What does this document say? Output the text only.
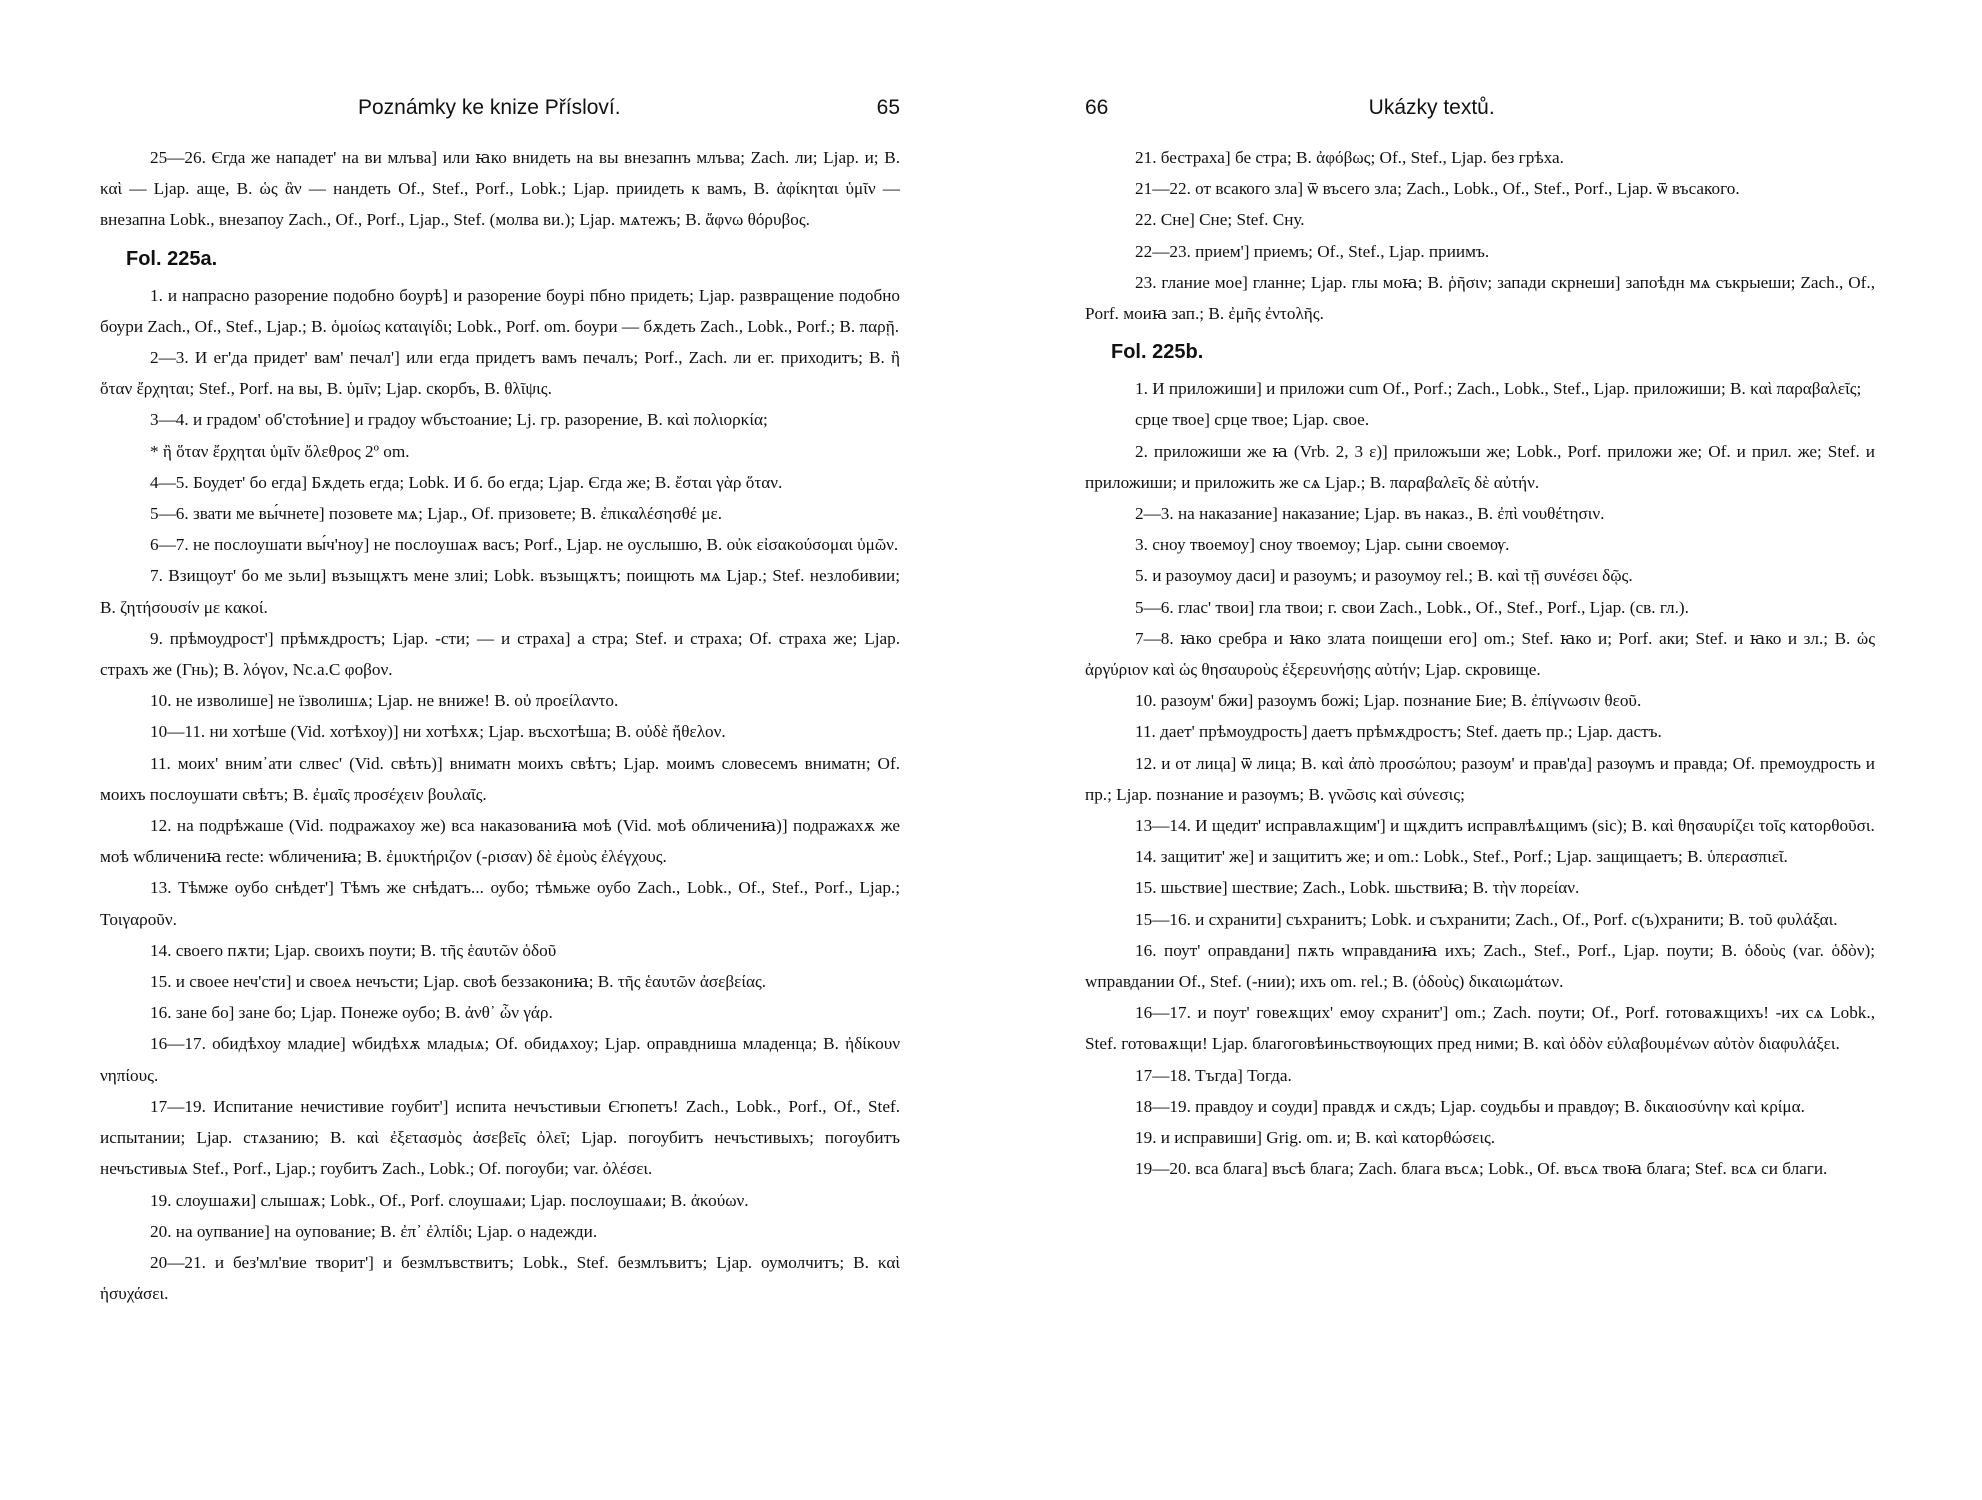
Poznámky ke knize Přísloví.	65

25—26. Єгда же нападет' на ви млъва] или ꙗко внидеть на вы внезапнъ млъва; Zach. ли; Ljap. и; B. καὶ — Ljap. аще, B. ὡς ἂν — нандеть Of., Stef., Porf., Lobk.; Ljap. приидеть к вамъ, B. ἀφίκηται ὑμῖν — внезапна Lobk., внезапоу Zach., Of., Porf., Ljap., Stef. (молва ви.); Ljap. мѧтежъ; B. ἄφνω θόρυβος.

Fol. 225a.

1. и напрасно разорение подобно боурѣ] и разорение боурі пбно придеть; Ljap. развращение подобно боури Zach., Of., Stef., Ljap.; B. ὁμοίως καταιγίδι; Lobk., Porf. om. боури — бѫдеть Zach., Lobk., Porf.; B. παρῇ.

2—3. И ег'да придет' вам' печал'] или егда придетъ вамъ печалъ; Porf., Zach. ли ег. приходитъ; B. ἢ ὅταν ἔρχηται; Stef., Porf. на вы, B. ὑμῖν; Ljap. скорбъ, B. θλῖψις.

3—4. и градом' об'стоѣние] и градоу wбъстоание; Lj. гр. разорение, B. καὶ πολιορκία;

* ἢ ὅταν ἔρχηται ὑμῖν ὄλεθρος 2º om.

4—5. Боудет' бо егда] Бѫдеть егда; Lobk. И б. бо егда; Ljap. Єгда же; B. ἔσται γὰρ ὅταν.

5—6. звати ме вы́чнете] позовете мѧ; Ljap., Of. призовете; B. ἐπικαλέσησθέ με.

6—7. не послоушати вы́ч'ноу] не послоушаѫ васъ; Porf., Ljap. не оуслышю, B. οὐκ εἰσακούσομαι ὑμῶν.

7. Взищоут' бо ме зьли] възыщѫтъ мене злиі; Lobk. възыщѫтъ; поищють мѧ Ljap.; Stef. незлобивии; B. ζητήσουσίν με κακοί.

9. прѣмоудрост'] прѣмѫдростъ; Ljap. -сти; — и страха] а стра; Stef. и страха; Of. страха же; Ljap. страхъ же (Гнь); B. λόγον, Nc.a.C φοβον.

10. не изволише] не їзволишѧ; Ljap. не вниже! B. οὐ προείλαντο.

10—11. ни хотѣше (Vid. хотѣхоу)] ни хотѣхѫ; Ljap. въсхотѣша; B. οὐδὲ ἤθελον.

11. моих' вним᾽ати слвес' (Vid. свѣть)] вниматн моихъ свѣтъ; Ljap. моимъ словесемъ вниматн; Of. моихъ послоушати свѣтъ; B. ἐμαῖς προσέχειν βουλαῖς.

12. на подрѣжаше (Vid. подражахоу же) вса наказованиꙗ моѣ (Vid. моѣ обличениꙗ)] подражахѫ же моѣ wбличениꙗ recte: wбличениꙗ; B. ἐμυκτήριζον (-ρισαν) δὲ ἐμοὺς ἐλέγχους.

13. Тѣмже оубо снѣдет'] Тѣмъ же снѣдатъ... оубо; тѣмьже оубо Zach., Lobk., Of., Stef., Porf., Ljap.; Τοιγαροῦν.

14. своего пѫти; Ljap. своихъ поути; B. τῆς ἑαυτῶν ὁδοῦ

15. и своее неч'сти] и своеѧ нечъсти; Ljap. своѣ беззакониꙗ; B. τῆς ἑαυτῶν ἀσεβείας.

16. зане бо] зане бо; Ljap. Понеже оубо; B. ἀνθ᾽ ὧν γάρ.

16—17. обидѣхоу младие] wбидѣхѫ младыѧ; Of. обидѧхоу; Ljap. оправдниша младенца; B. ἠδίκουν νηπίους.

17—19. Испитание нечистивие гоубит'] испита нечъстивыи Єгюпетъ! Zach., Lobk., Porf., Of., Stef. испытании; Ljap. стѧзанию; B. καὶ ἐξετασμὸς ἀσεβεῖς ὀλεῖ; Ljap. погоубитъ нечъстивыхъ; погоубитъ нечъстивыѧ Stef., Porf., Ljap.; гоубитъ Zach., Lobk.; Of. погоуби; var. ὀλέσει.

19. слоушаѫи] слышаѫ; Lobk., Of., Porf. слоушаѧи; Ljap. послоушаѧи; B. ἀκούων.

20. на оупвание] на оупование; B. ἐπ᾽ ἐλπίδι; Ljap. о надежди.

20—21. и без'мл'вие творит'] и безмлъвствитъ; Lobk., Stef. безмлъвитъ; Ljap. оумолчитъ; B. καὶ ἡσυχάσει.

66	Ukázky textů.

21. бестраха] бе стра; B. ἀφόβως; Of., Stef., Ljap. без грѣха.

21—22. от всакого зла] ѿ въсего зла; Zach., Lobk., Of., Stef., Porf., Ljap. ѿ въсакого.

22. Сне] Сне; Stef. Сну.

22—23. прием'] приемъ; Of., Stef., Ljap. приимъ.

23. глание мое] гланне; Ljap. глы моꙗ; B. ῥῆσιν; запади скрнеши] запоѣдн мѧ съкрыеши; Zach., Of., Porf. моиꙗ зап.; B. ἐμῆς ἐντολῆς.

Fol. 225b.

1. И приложиши] и приложи cum Of., Porf.; Zach., Lobk., Stef., Ljap. приложиши; B. καὶ παραβαλεῖς;

срце твое] срце твое; Ljap. свое.

2. приложиши же ꙗ (Vrb. 2, 3 ε)] приложъши же; Lobk., Porf. приложи же; Of. и прил. же; Stef. и приложиши; и приложить же сѧ Ljap.; B. παραβαλεῖς δὲ αὐτήν.

2—3. на наказание] наказание; Ljap. въ наказ., B. ἐπὶ νουθέτησιν.

3. сноу твоемоу] сноу твоемоу; Ljap. сыни своемѹ.

5. и разоумоу даси] и разоумъ; и разоумоу rel.; B. καὶ τῇ συνέσει δῷς.

5—6. глас' твои] гла твои; г. свои Zach., Lobk., Of., Stef., Porf., Ljap. (св. гл.).

7—8. ꙗко сребра и ꙗко злата поищеши его] om.; Stef. ꙗко и; Porf. аки; Stef. и ꙗко и зл.; B. ὡς ἀργύριον καὶ ὡς θησαυροὺς ἐξερευνήσῃς αὐτήν; Ljap. скровище.

10. разоум' бжи] разоумъ божі; Ljap. познание Бие; B. ἐπίγνωσιν θεοῦ.

11. дает' прѣмоудрость] даетъ прѣмѫдростъ; Stef. даеть пр.; Ljap. дастъ.

12. и от лица] ѿ лица; B. καὶ ἀπὸ προσώπου; разоум' и прав'да] разѹмъ и правда; Of. премоудрость и пр.; Ljap. познание и разѹмъ; B. γνῶσις καὶ σύνεσις;

13—14. И щедит' исправлаѫщим'] и щѫдитъ исправлѣѧщимъ (sic); B. καὶ θησαυρίζει τοῖς κατορθοῦσι.

14. защитит' же] и защититъ же; и om.: Lobk., Stef., Porf.; Ljap. защищаетъ; B. ὑπερασπιεῖ.

15. шьствие] шествие; Zach., Lobk. шьствиꙗ; B. τὴν πορείαν.

15—16. и схранити] съхранитъ; Lobk. и съхранити; Zach., Of., Porf. с(ъ)хранити; B. τοῦ φυλάξαι.

16. поут' оправдани] пѫть wправданиꙗ ихъ; Zach., Stef., Porf., Ljap. поути; B. ὁδοὺς (var. ὁδὸν); wправдании Of., Stef. (-нии); ихъ om. rel.; B. (ὁδοὺς) δικαιωμάτων.

16—17. и поут' говеѫщих' емоу схранит'] om.; Zach. поути; Of., Porf. готоваѫщихъ! -их сѧ Lobk., Stef. готоваѫщи! Ljap. благоговѣиньствѹющих пред ними; B. καὶ ὁδὸν εὐλαβουμένων αὐτὸν διαφυλάξει.

17—18. Тъгда] Тогда.

18—19. правдоу и соуди] правдѫ и сѫдъ; Ljap. соудьбы и правдѹ; B. δικαιοσύνην καὶ κρίμα.

19. и исправиши] Grig. om. и; B. καὶ κατορθώσεις.

19—20. вса блага] въсѣ блага; Zach. блага въсѧ; Lobk., Of. въсѧ твоꙗ блага; Stef. всѧ си благи.
